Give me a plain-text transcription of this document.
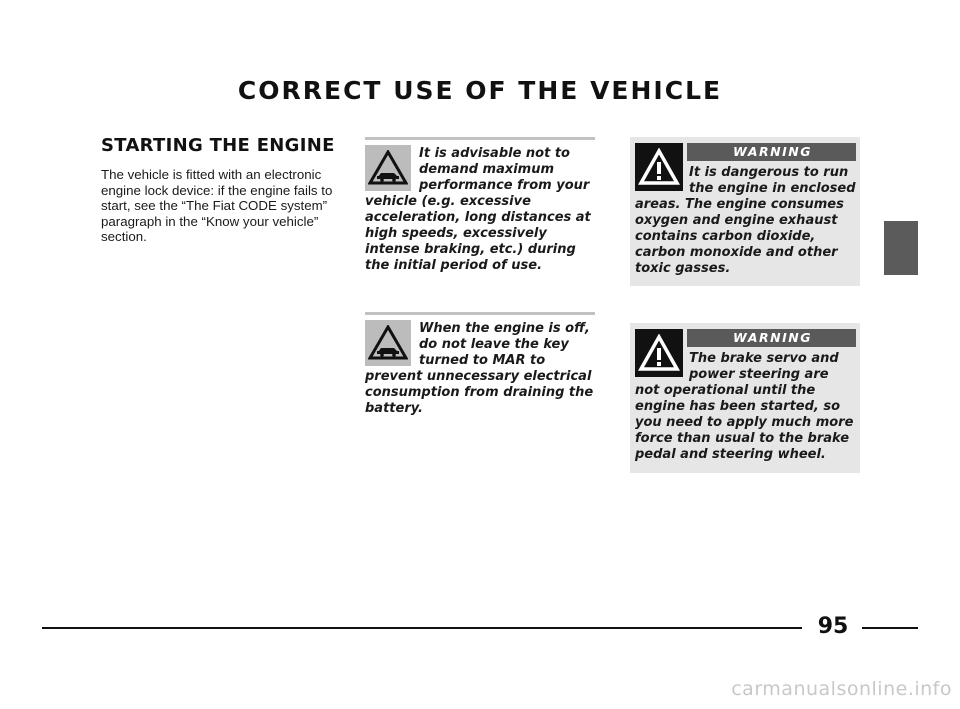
CORRECT USE OF THE VEHICLE
STARTING THE ENGINE
The vehicle is fitted with an electronic engine lock device: if the engine fails to start, see the “The Fiat CODE system” paragraph in the “Know your vehicle” section.
It is advisable not to demand maximum performance from your vehicle (e.g. excessive acceleration, long distances at high speeds, excessively intense braking, etc.) during the initial period of use.
When the engine is off, do not leave the key turned to MAR to prevent unnecessary electrical consumption from draining the battery.
WARNING
It is dangerous to run the engine in enclosed areas. The engine consumes oxygen and engine exhaust contains carbon dioxide, carbon monoxide and other toxic gasses.
WARNING
The brake servo and power steering are not operational until the engine has been started, so you need to apply much more force than usual to the brake pedal and steering wheel.
95
carmanualsonline.info
